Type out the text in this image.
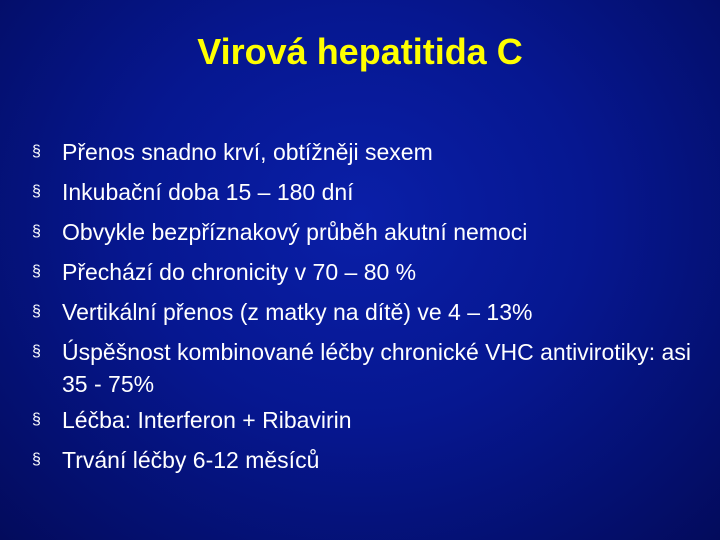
Virová hepatitida C
§ Přenos snadno krví, obtížněji sexem
§ Inkubační doba 15 – 180 dní
§ Obvykle bezpříznakový průběh akutní nemoci
§ Přechází do chronicity v 70 – 80 %
§ Vertikální přenos (z matky na dítě) ve 4 – 13%
§ Úspěšnost kombinované léčby chronické VHC antivirotiky: asi 35 - 75%
§ Léčba: Interferon + Ribavirin
§ Trvání léčby 6-12 měsíců
